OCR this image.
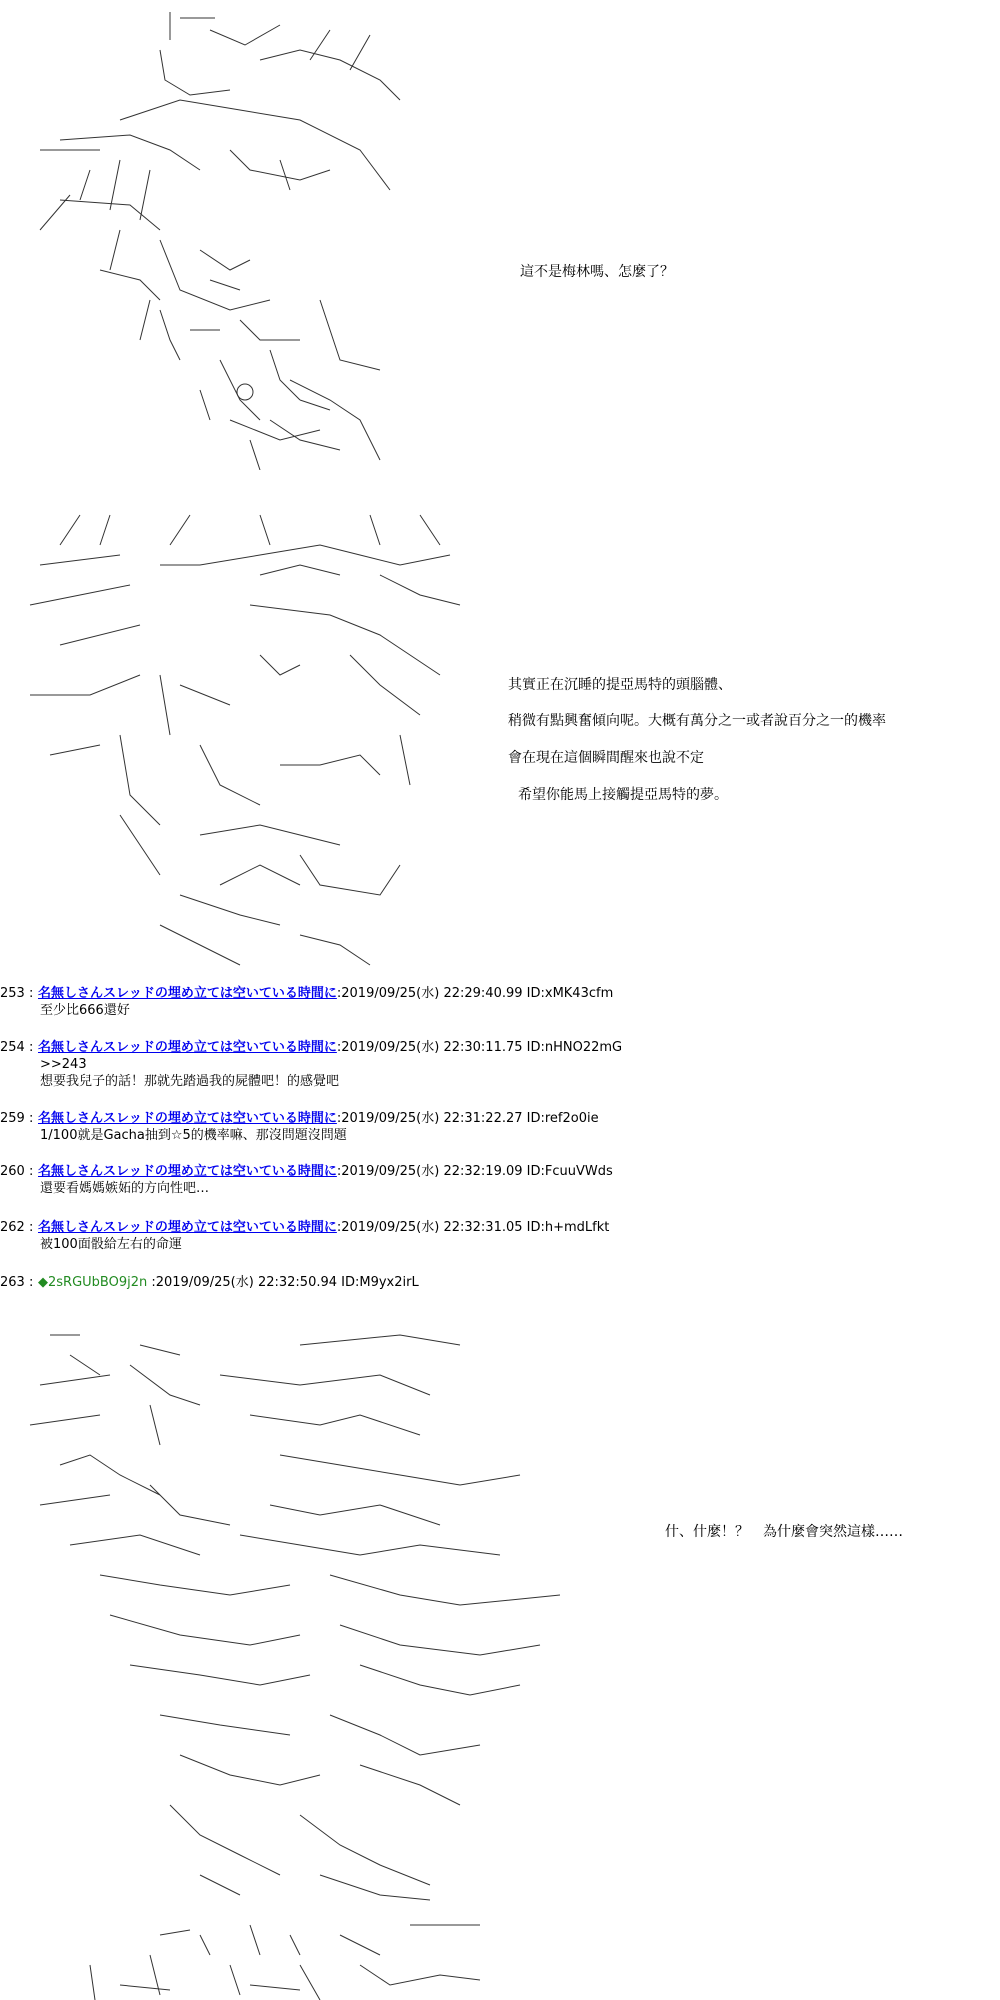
這不是梅林嗎、怎麼了？
其實正在沉睡的提亞馬特的頭腦體、
稍微有點興奮傾向呢。大概有萬分之一或者說百分之一的機率
會在現在這個瞬間醒來也說不定
希望你能馬上接觸提亞馬特的夢。
253 : 名無しさんスレッドの埋め立ては空いている時間に:2019/09/25(水) 22:29:40.99 ID:xMK43cfm
至少比666還好
254 : 名無しさんスレッドの埋め立ては空いている時間に:2019/09/25(水) 22:30:11.75 ID:nHNO22mG
>>243
想要我兒子的話！那就先踏過我的屍體吧！的感覺吧
259 : 名無しさんスレッドの埋め立ては空いている時間に:2019/09/25(水) 22:31:22.27 ID:ref2o0ie
1/100就是Gacha抽到☆5的機率嘛、那沒問題沒問題
260 : 名無しさんスレッドの埋め立ては空いている時間に:2019/09/25(水) 22:32:19.09 ID:FcuuVWds
還要看媽媽嫉妬的方向性吧…
262 : 名無しさんスレッドの埋め立ては空いている時間に:2019/09/25(水) 22:32:31.05 ID:h+mdLfkt
被100面骰給左右的命運
263 : ◆2sRGUbBO9j2n :2019/09/25(水) 22:32:50.94 ID:M9yx2irL
什、什麼！？　為什麼會突然這樣……
